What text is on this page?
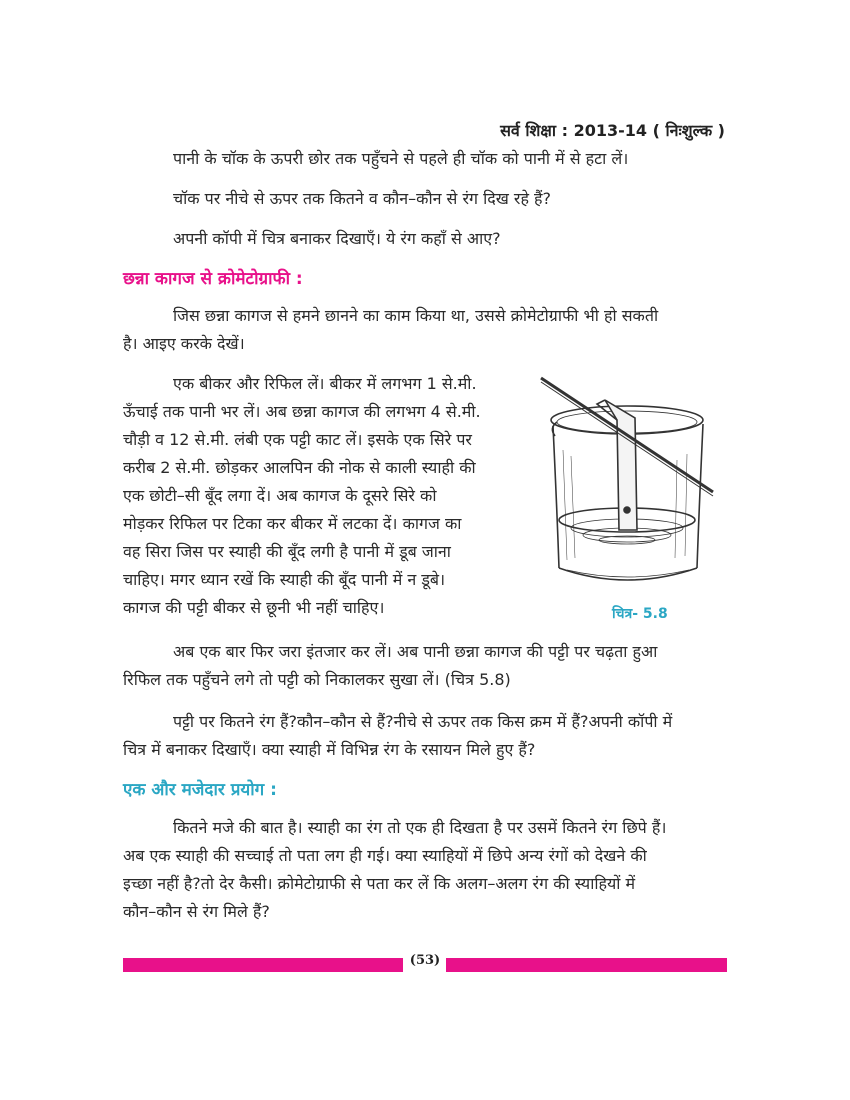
सर्व शिक्षा : 2013-14 ( निःशुल्क )
पानी के चॉक के ऊपरी छोर तक पहुँचने से पहले ही चॉक को पानी में से हटा लें।
चॉक पर नीचे से ऊपर तक कितने व कौन–कौन से रंग दिख रहे हैं?
अपनी कॉपी में चित्र बनाकर दिखाएँ। ये रंग कहाँ से आए?
छन्ना कागज से क्रोमेटोग्राफी :
जिस छन्ना कागज से हमने छानने का काम किया था, उससे क्रोमेटोग्राफी भी हो सकती
है। आइए करके देखें।
एक बीकर और रिफिल लें। बीकर में लगभग 1 से.मी.
ऊँचाई तक पानी भर लें। अब छन्ना कागज की लगभग 4 से.मी.
चौड़ी व 12 से.मी. लंबी एक पट्टी काट लें। इसके एक सिरे पर
करीब 2 से.मी. छोड़कर आलपिन की नोक से काली स्याही की
एक छोटी–सी बूँद लगा दें। अब कागज के दूसरे सिरे को
मोड़कर रिफिल पर टिका कर बीकर में लटका दें। कागज का
वह सिरा जिस पर स्याही की बूँद लगी है पानी में डूब जाना
चाहिए। मगर ध्यान रखें कि स्याही की बूँद पानी में न डूबे।
कागज की पट्टी बीकर से छूनी भी नहीं चाहिए।	चित्र- 5.8
अब एक बार फिर जरा इंतजार कर लें। अब पानी छन्ना कागज की पट्टी पर चढ़ता हुआ
रिफिल तक पहुँचने लगे तो पट्टी को निकालकर सुखा लें। (चित्र 5.8)
पट्टी पर कितने रंग हैं?कौन–कौन से हैं?नीचे से ऊपर तक किस क्रम में हैं?अपनी कॉपी में
चित्र में बनाकर दिखाएँ। क्या स्याही में विभिन्न रंग के रसायन मिले हुए हैं?
एक और मजेदार प्रयोग :
कितने मजे की बात है। स्याही का रंग तो एक ही दिखता है पर उसमें कितने रंग छिपे हैं।
अब एक स्याही की सच्चाई तो पता लग ही गई। क्या स्याहियों में छिपे अन्य रंगों को देखने की
इच्छा नहीं है?तो देर कैसी। क्रोमेटोग्राफी से पता कर लें कि अलग–अलग रंग की स्याहियों में
कौन–कौन से रंग मिले हैं?
(53)
